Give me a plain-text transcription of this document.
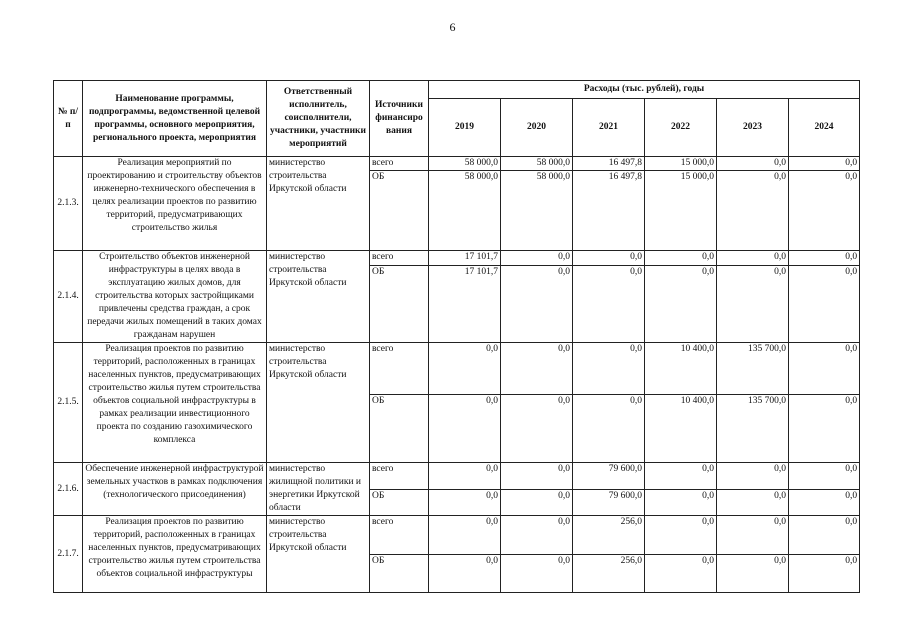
6
№ п/п	Наименование программы, подпрограммы, ведомственной целевой программы, основного мероприятия, регионального проекта, мероприятия	Ответственный исполнитель, соисполнители, участники, участники мероприятий	Источники финансиро вания	Расходы (тыс. рублей), годы					
				2019	2020	2021	2022	2023	2024
2.1.3.	Реализация мероприятий по проектированию и строительству объектов инженерно-технического обеспечения в целях реализации проектов по развитию территорий, предусматривающих строительство жилья	министерство строительства Иркутской области	всего	58 000,0	58 000,0	16 497,8	15 000,0	0,0	0,0
			ОБ	58 000,0	58 000,0	16 497,8	15 000,0	0,0	0,0
2.1.4.	Строительство объектов инженерной инфраструктуры в целях ввода в эксплуатацию жилых домов, для строительства которых застройщиками привлечены средства граждан, а срок передачи жилых помещений в таких домах гражданам нарушен	министерство строительства Иркутской области	всего	17 101,7	0,0	0,0	0,0	0,0	0,0
			ОБ	17 101,7	0,0	0,0	0,0	0,0	0,0
2.1.5.	Реализация проектов по развитию территорий, расположенных в границах населенных пунктов, предусматривающих строительство жилья путем строительства объектов социальной инфраструктуры в рамках реализации инвестиционного проекта по созданию газохимического комплекса	министерство строительства Иркутской области	всего	0,0	0,0	0,0	10 400,0	135 700,0	0,0
			ОБ	0,0	0,0	0,0	10 400,0	135 700,0	0,0
2.1.6.	Обеспечение инженерной инфраструктурой земельных участков в рамках подключения (технологического присоединения)	министерство жилищной политики и энергетики Иркутской области	всего	0,0	0,0	79 600,0	0,0	0,0	0,0
			ОБ	0,0	0,0	79 600,0	0,0	0,0	0,0
2.1.7.	Реализация проектов по развитию территорий, расположенных в границах населенных пунктов, предусматривающих строительство жилья путем строительства объектов социальной инфраструктуры	министерство строительства Иркутской области	всего	0,0	0,0	256,0	0,0	0,0	0,0
			ОБ	0,0	0,0	256,0	0,0	0,0	0,0
